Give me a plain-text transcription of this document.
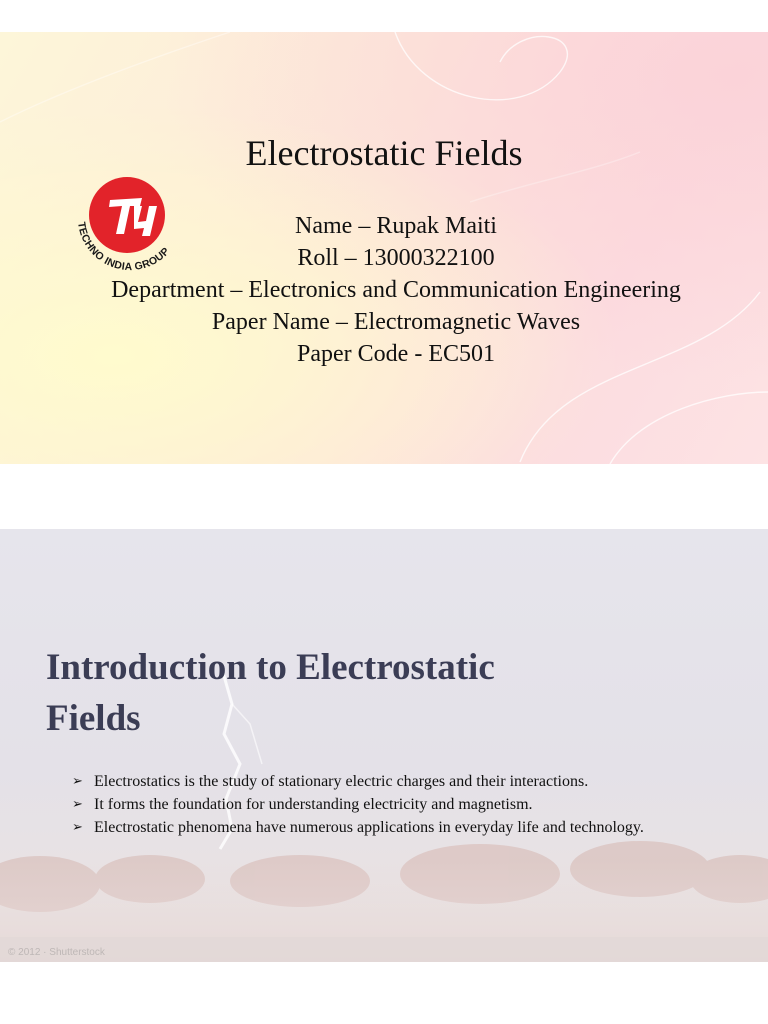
Electrostatic Fields
TECHNO INDIA GROUP
Name – Rupak Maiti
Roll – 13000322100
Department – Electronics and Communication Engineering
Paper Name – Electromagnetic Waves
Paper Code - EC501
Introduction to Electrostatic
Fields
➢ Electrostatics is the study of stationary electric charges and their interactions.
➢ It forms the foundation for understanding electricity and magnetism.
➢ Electrostatic phenomena have numerous applications in everyday life and technology.
© 2012 · Shutterstock
